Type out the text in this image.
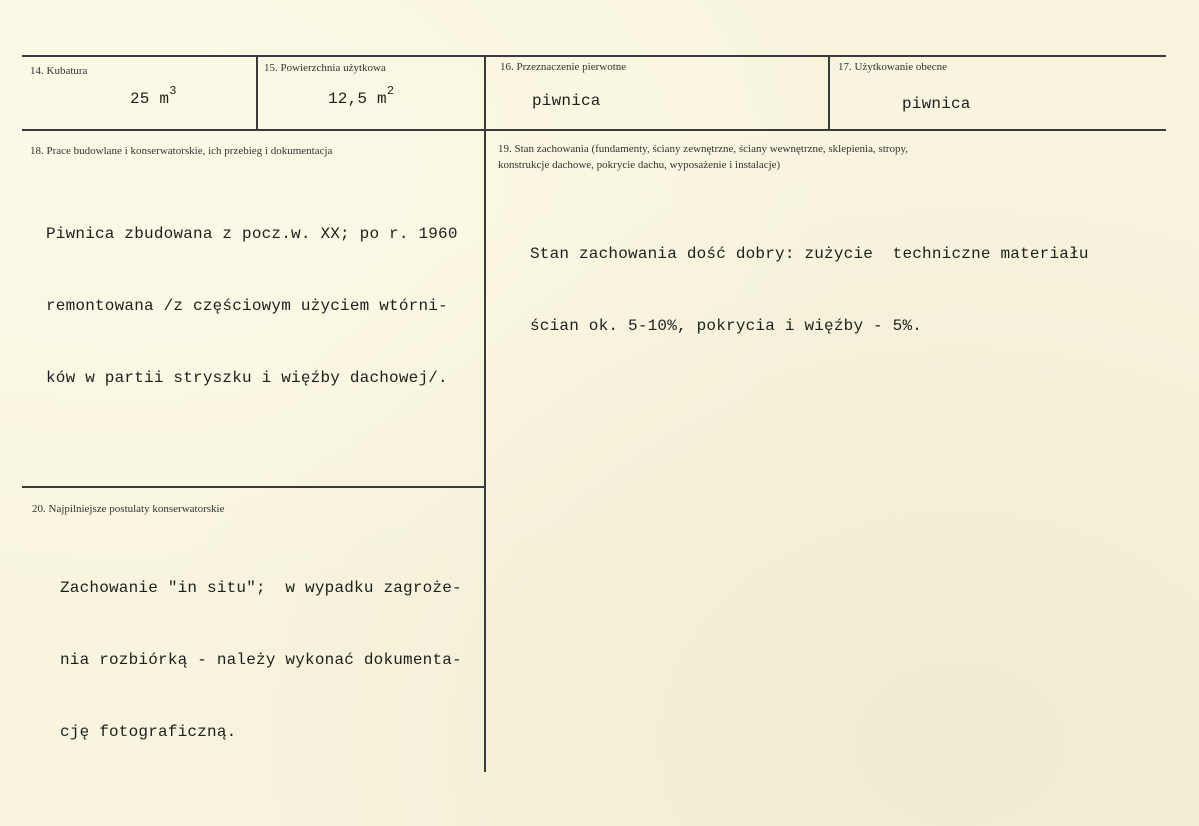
14. Kubatura
25 $m^3$
15. Powierzchnia użytkowa
12,5 $m^2$
16. Przeznaczenie pierwotne
piwnica
17. Użytkowanie obecne
piwnica
18. Prace budowlane i konserwatorskie, ich przebieg i dokumentacja

Piwnica zbudowana z pocz.w. XX; po r. 1960

remontowana /z częściowym użyciem wtórni-

ków w partii stryszku i więźby dachowej/.

19. Stan zachowania (fundamenty, ściany zewnętrzne, ściany wewnętrzne, sklepienia, stropy,
konstrukcje dachowe, pokrycie dachu, wyposażenie i instalacje)

Stan zachowania dość dobry: zużycie  techniczne materiału

ścian ok. 5-10%, pokrycia i więźby - 5%.

20. Najpilniejsze postulaty konserwatorskie

Zachowanie "in situ";  w wypadku zagroże-

nia rozbiórką - należy wykonać dokumenta-

cję fotograficzną.
